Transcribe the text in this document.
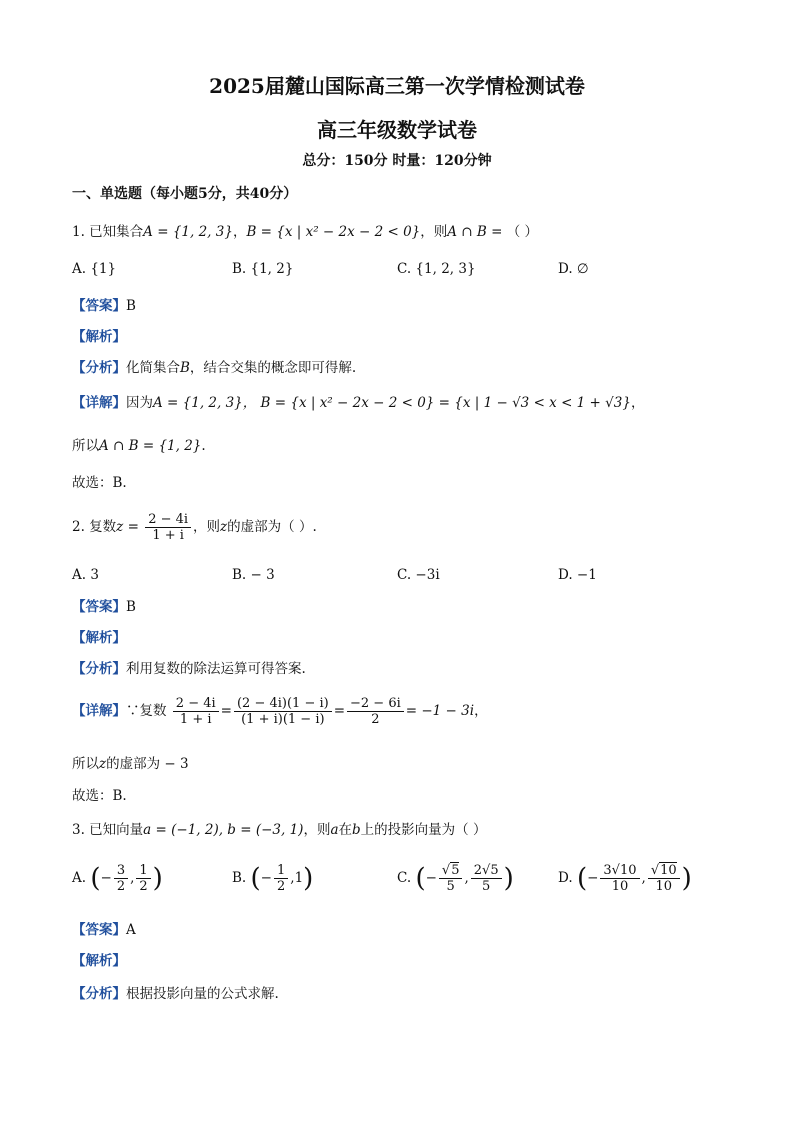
2025届麓山国际高三第一次学情检测试卷
高三年级数学试卷
总分：150分 时量：120分钟
一、单选题（每小题5分，共40分）
1. 已知集合A = {1, 2, 3}，B = {x | x² − 2x − 2 < 0}，则A ∩ B = （ ）
A. {1}	B. {1, 2}	C. {1, 2, 3}	D. ∅
【答案】B
【解析】
【分析】化简集合B，结合交集的概念即可得解.
【详解】因为A = {1, 2, 3}， B = {x | x² − 2x − 2 < 0} = {x | 1 − √3 < x < 1 + √3}，
所以A ∩ B = {1, 2}.
故选：B.
2. 复数$z = \frac{2 - 4i}{1 + i}$ ，则z的虚部为（ ）.
A. 3	B. − 3	C. −3i	D. −1
【答案】B
【解析】
【分析】利用复数的除法运算可得答案.
【详解】∵复数 $\frac{2 - 4i}{1 + i} = \frac{(2 - 4i)(1 - i)}{(1 + i)(1 - i)} = \frac{-2 - 6i}{2} = -1 - 3i$，
所以z的虚部为 − 3
故选：B.
3. 已知向量a = (−1, 2), b = (−3, 1)，则a在b上的投影向量为（ ）
A. (− $\frac{3}{2}$ , $\frac{1}{2}$ )	B. (− $\frac{1}{2} ,1$)	C. (− $\frac{√5}{5}$ , $\frac{2√5}{5}$ )	D. (− $\frac{3√10}{10}$ , $\frac{√10}{10}$ )
【答案】A
【解析】
【分析】根据投影向量的公式求解.
